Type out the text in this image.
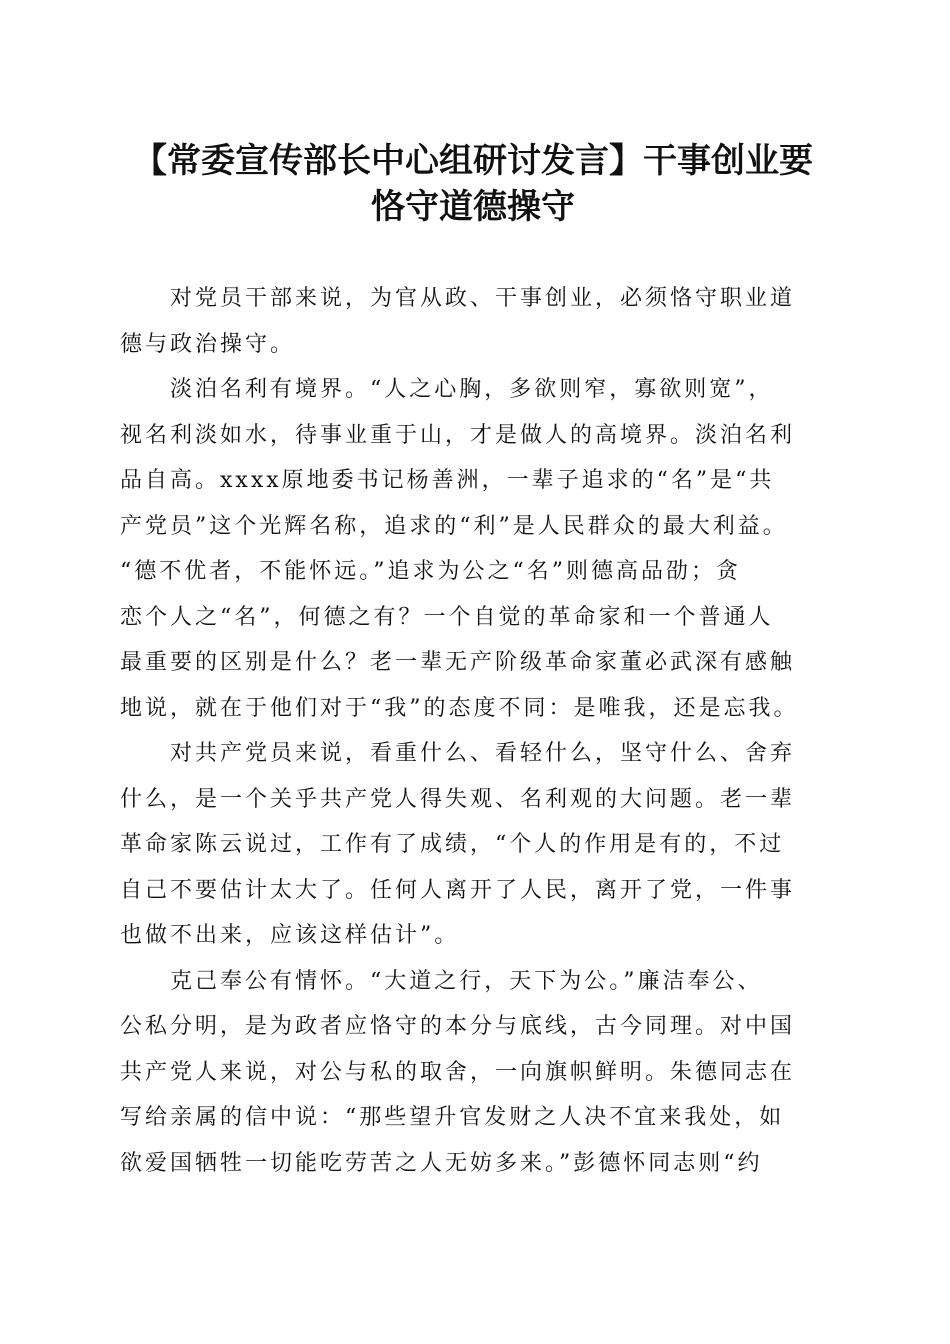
【常委宣传部长中心组研讨发言】干事创业要
恪守道德操守
对党员干部来说，为官从政、干事创业，必须恪守职业道
德与政治操守。
淡泊名利有境界。“人之心胸，多欲则窄，寡欲则宽”，
视名利淡如水，待事业重于山，才是做人的高境界。淡泊名利
品自高。xxxx原地委书记杨善洲，一辈子追求的“名”是“共
产党员”这个光辉名称，追求的“利”是人民群众的最大利益。
“德不优者，不能怀远。”追求为公之“名”则德高品劭；贪
恋个人之“名”，何德之有？一个自觉的革命家和一个普通人
最重要的区别是什么？老一辈无产阶级革命家董必武深有感触
地说，就在于他们对于“我”的态度不同：是唯我，还是忘我。
对共产党员来说，看重什么、看轻什么，坚守什么、舍弃
什么，是一个关乎共产党人得失观、名利观的大问题。老一辈
革命家陈云说过，工作有了成绩，“个人的作用是有的，不过
自己不要估计太大了。任何人离开了人民，离开了党，一件事
也做不出来，应该这样估计”。
克己奉公有情怀。“大道之行，天下为公。”廉洁奉公、
公私分明，是为政者应恪守的本分与底线，古今同理。对中国
共产党人来说，对公与私的取舍，一向旗帜鲜明。朱德同志在
写给亲属的信中说：“那些望升官发财之人决不宜来我处，如
欲爱国牺牲一切能吃劳苦之人无妨多来。”彭德怀同志则“约
